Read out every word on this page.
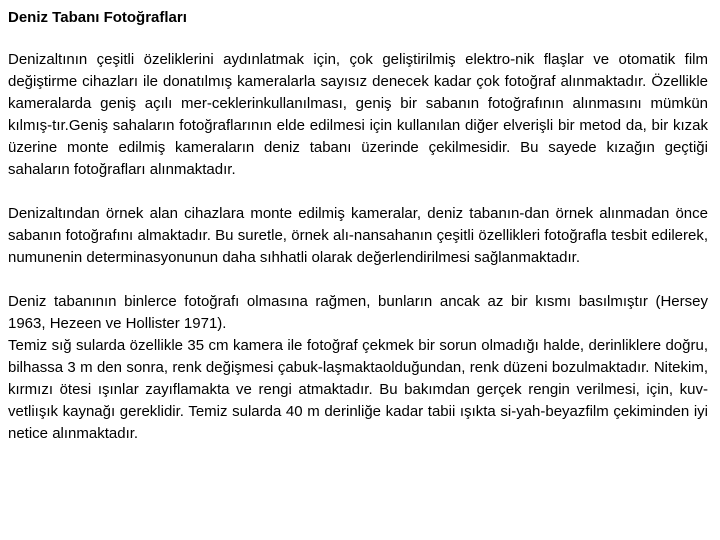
Deniz Tabanı Fotoğrafları

Denizaltının çeşitli özeliklerini aydınlatmak için, çok geliştirilmiş elektro-nik flaşlar ve otomatik film değiştirme cihazları ile donatılmış kameralarla sayısız denecek kadar çok fotoğraf alınmaktadır. Özellikle kameralarda geniş açılı mer-ceklerinkullanılması, geniş bir sabanın fotoğrafının alınmasını mümkün kılmış-tır.Geniş sahaların fotoğraflarının elde edilmesi için kullanılan diğer elverişli bir metod da, bir kızak üzerine monte edilmiş kameraların deniz tabanı üzerinde çekilmesidir. Bu sayede kızağın geçtiği sahaların fotoğrafları alınmaktadır.

Denizaltından örnek alan cihazlara monte edilmiş kameralar, deniz tabanın-dan örnek alınmadan önce sabanın fotoğrafını almaktadır. Bu suretle, örnek alı-nansahanın çeşitli özellikleri fotoğrafla tesbit edilerek, numunenin determinasyonunun daha sıhhatli olarak değerlendirilmesi sağlanmaktadır.

Deniz tabanının binlerce fotoğrafı olmasına rağmen, bunların ancak az bir kısmı basılmıştır (Hersey 1963, Hezeen ve Hollister 1971).

Temiz sığ sularda özellikle 35 cm kamera ile fotoğraf çekmek bir sorun olmadığı halde, derinliklere doğru, bilhassa 3 m den sonra, renk değişmesi çabuk-laşmaktaolduğundan, renk düzeni bozulmaktadır. Nitekim, kırmızı ötesi ışınlar zayıflamakta ve rengi atmaktadır. Bu bakımdan gerçek rengin verilmesi, için, kuv-vetliışık kaynağı gereklidir. Temiz sularda 40 m derinliğe kadar tabii ışıkta si-yah-beyazfilm çekiminden iyi netice alınmaktadır.
